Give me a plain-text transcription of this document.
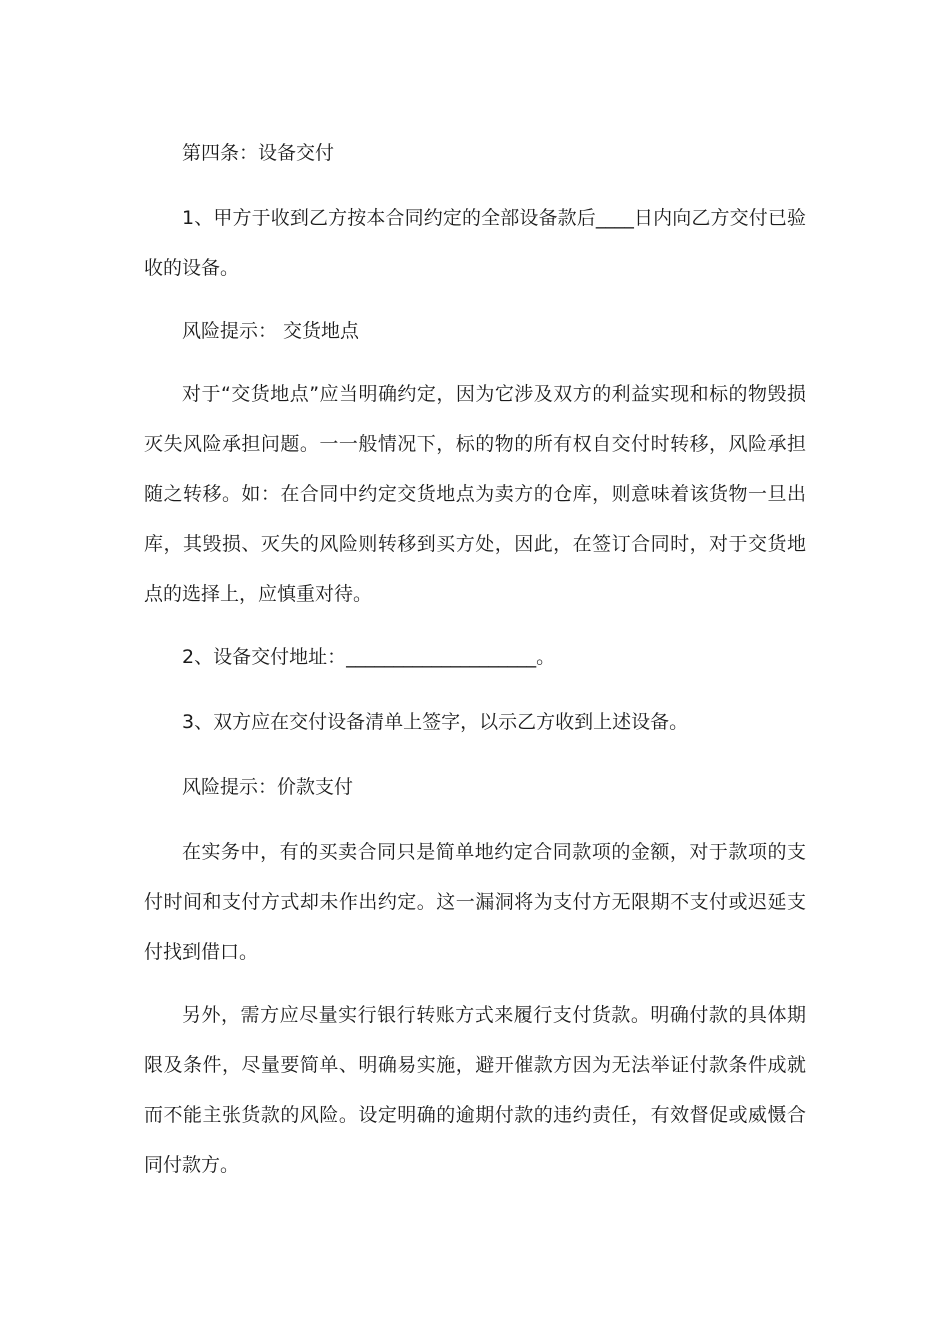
第四条：设备交付

1、甲方于收到乙方按本合同约定的全部设备款后____日内向乙方交付已验收的设备。

风险提示： 交货地点

对于“交货地点”应当明确约定，因为它涉及双方的利益实现和标的物毁损灭失风险承担问题。一一般情况下，标的物的所有权自交付时转移，风险承担随之转移。如：在合同中约定交货地点为卖方的仓库，则意味着该货物一旦出库，其毁损、灭失的风险则转移到买方处，因此，在签订合同时，对于交货地点的选择上，应慎重对待。

2、设备交付地址：____________________。

3、双方应在交付设备清单上签字，以示乙方收到上述设备。

风险提示：价款支付

在实务中，有的买卖合同只是简单地约定合同款项的金额，对于款项的支付时间和支付方式却未作出约定。这一漏洞将为支付方无限期不支付或迟延支付找到借口。

另外，需方应尽量实行银行转账方式来履行支付货款。明确付款的具体期限及条件，尽量要简单、明确易实施，避开催款方因为无法举证付款条件成就而不能主张货款的风险。设定明确的逾期付款的违约责任，有效督促或威慑合同付款方。
